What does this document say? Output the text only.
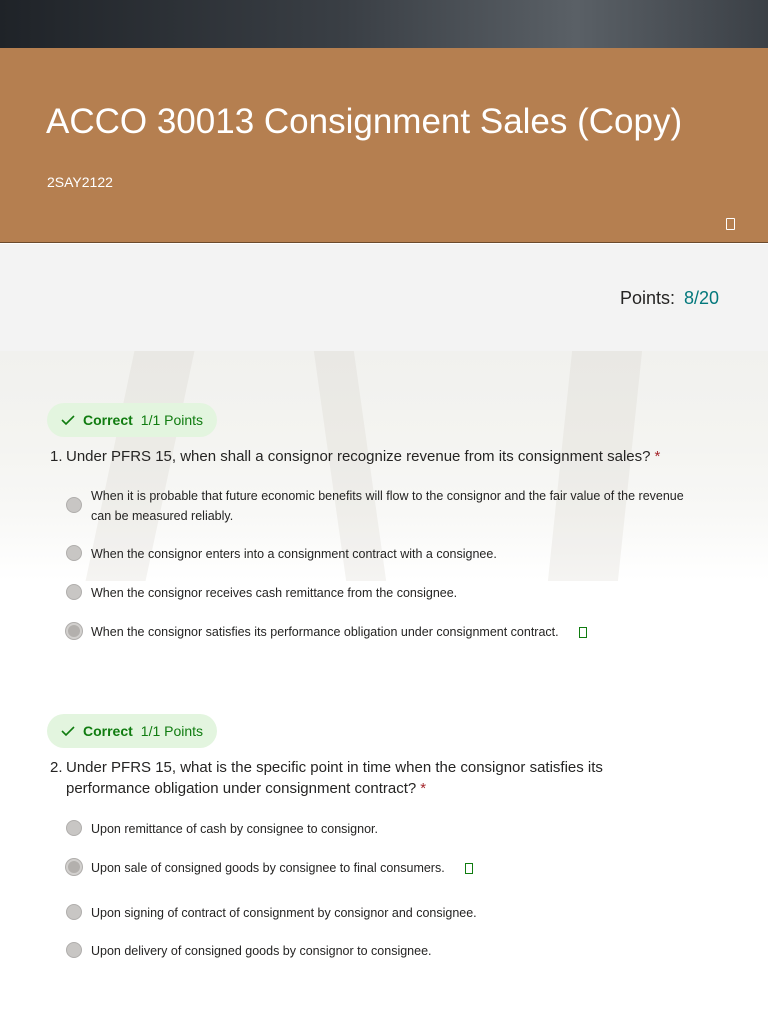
ACCO 30013 Consignment Sales (Copy)
2SAY2122
Points: 8/20
Correct 1/1 Points
1. Under PFRS 15, when shall a consignor recognize revenue from its consignment sales? *
When it is probable that future economic benefits will flow to the consignor and the fair value of the revenue can be measured reliably.
When the consignor enters into a consignment contract with a consignee.
When the consignor receives cash remittance from the consignee.
When the consignor satisfies its performance obligation under consignment contract.
Correct 1/1 Points
2. Under PFRS 15, what is the specific point in time when the consignor satisfies its performance obligation under consignment contract? *
Upon remittance of cash by consignee to consignor.
Upon sale of consigned goods by consignee to final consumers.
Upon signing of contract of consignment by consignor and consignee.
Upon delivery of consigned goods by consignor to consignee.
